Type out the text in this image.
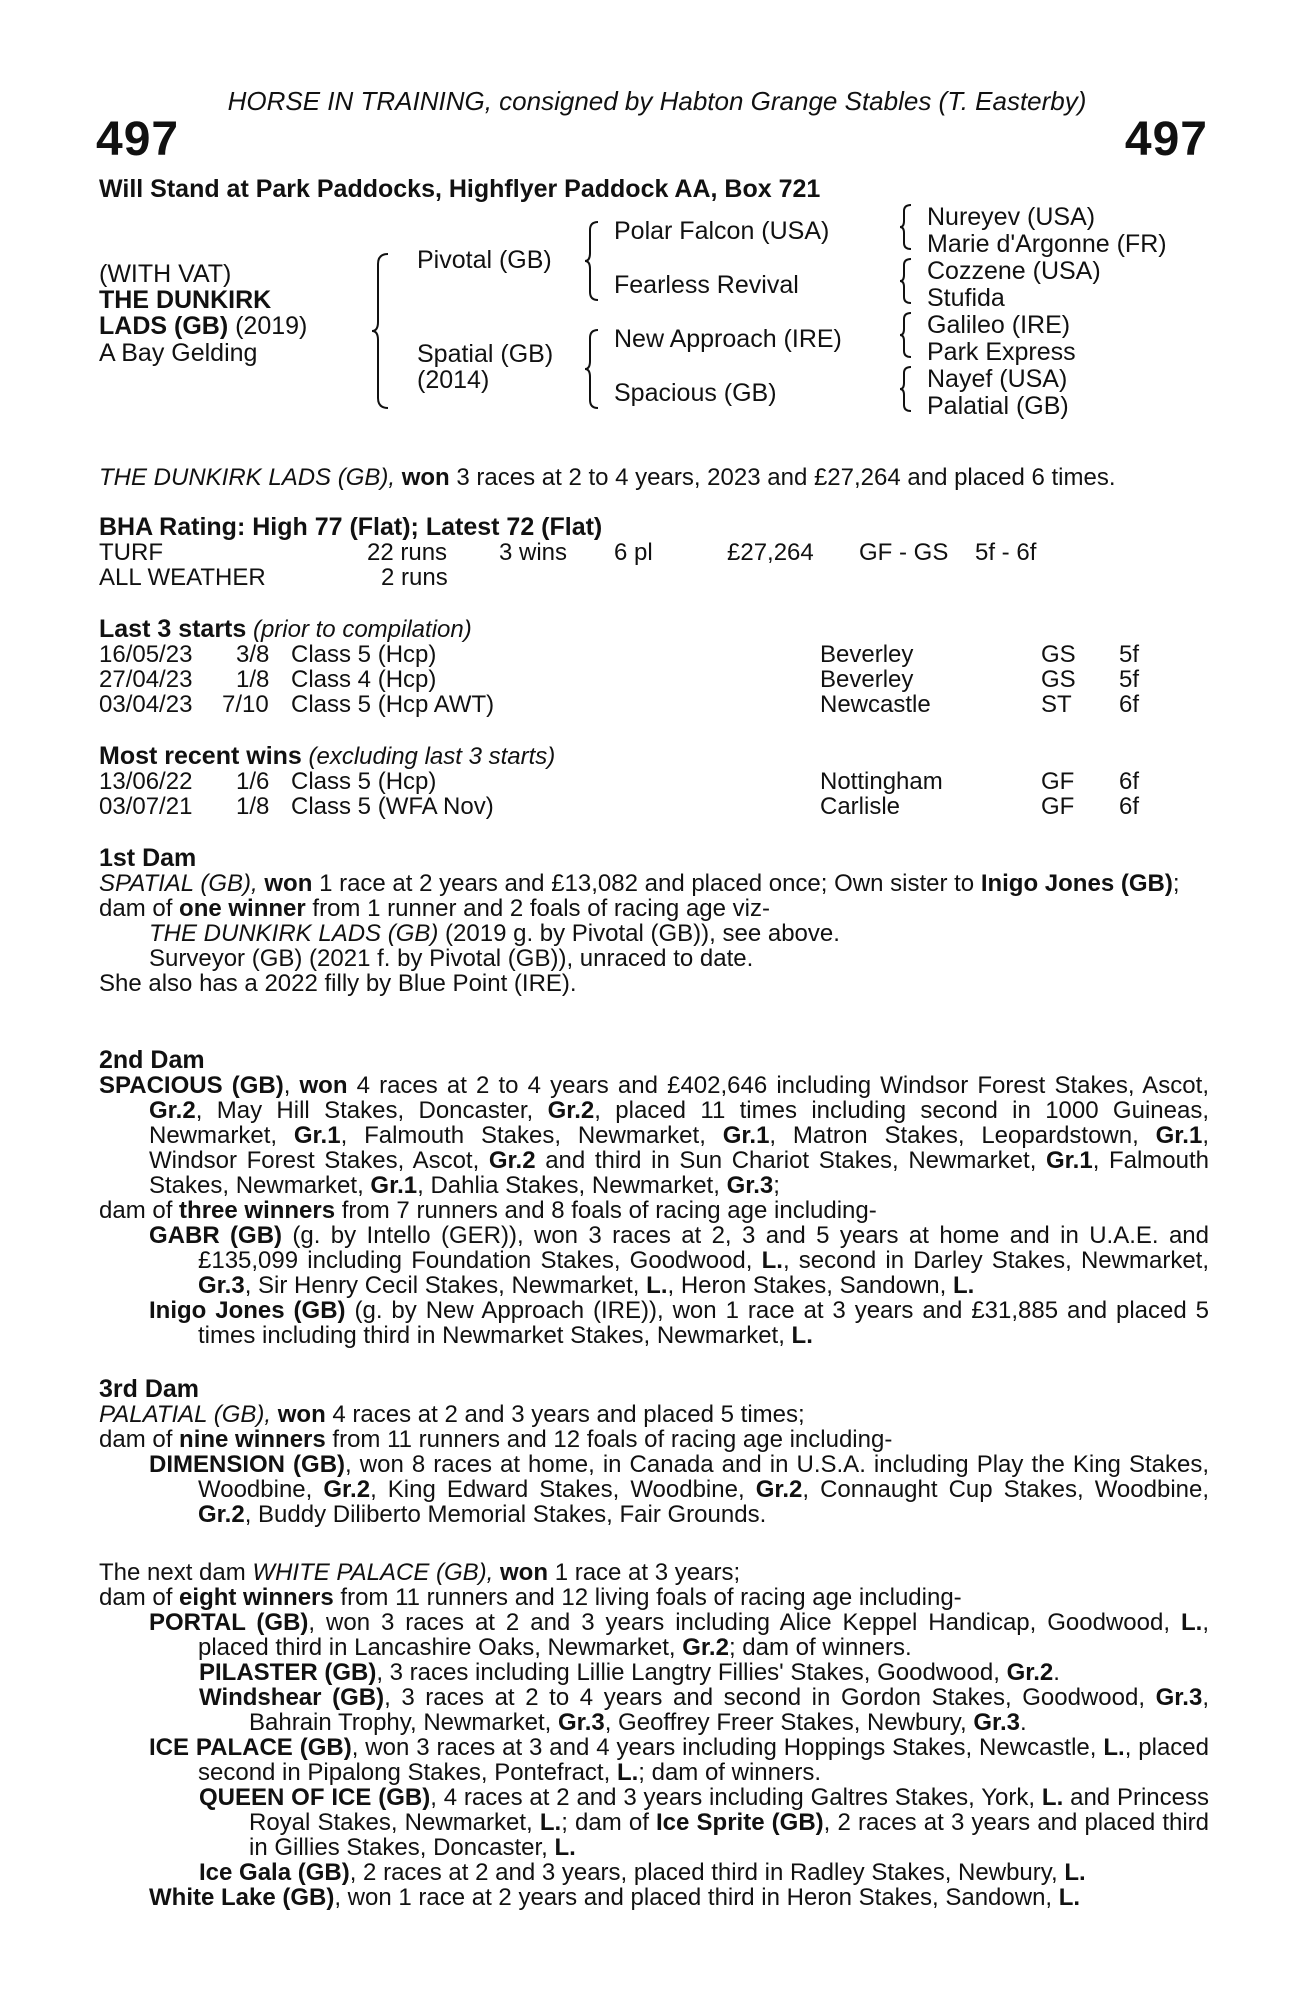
HORSE IN TRAINING, consigned by Habton Grange Stables (T. Easterby)
497	497
Will Stand at Park Paddocks, Highflyer Paddock AA, Box 721
(WITH VAT)
THE DUNKIRK
LADS (GB) (2019)
A Bay Gelding
Pivotal (GB)
Spatial (GB)
(2014)
Polar Falcon (USA)
Fearless Revival
New Approach (IRE)
Spacious (GB)
Nureyev (USA)
Marie d'Argonne (FR)
Cozzene (USA)
Stufida
Galileo (IRE)
Park Express
Nayef (USA)
Palatial (GB)
THE DUNKIRK LADS (GB), won 3 races at 2 to 4 years, 2023 and £27,264 and placed 6 times.
BHA Rating: High 77 (Flat); Latest 72 (Flat)
TURF	22 runs 3 wins 6 pl	£27,264 GF - GS 5f - 6f
ALL WEATHER	2 runs
Last 3 starts (prior to compilation)
16/05/23 3/8 Class 5 (Hcp)	Beverley	GS 5f
27/04/23 1/8 Class 4 (Hcp)	Beverley	GS 5f
03/04/23 7/10 Class 5 (Hcp AWT)	Newcastle	ST 6f
Most recent wins (excluding last 3 starts)
13/06/22 1/6 Class 5 (Hcp)	Nottingham	GF 6f
03/07/21 1/8 Class 5 (WFA Nov)	Carlisle	GF 6f
1st Dam

SPATIAL (GB), won 1 race at 2 years and £13,082 and placed once; Own sister to Inigo Jones (GB);

dam of one winner from 1 runner and 2 foals of racing age viz-

THE DUNKIRK LADS (GB) (2019 g. by Pivotal (GB)), see above.

Surveyor (GB) (2021 f. by Pivotal (GB)), unraced to date.

She also has a 2022 filly by Blue Point (IRE).

2nd Dam

SPACIOUS (GB), won 4 races at 2 to 4 years and £402,646 including Windsor Forest Stakes, Ascot, Gr.2, May Hill Stakes, Doncaster, Gr.2, placed 11 times including second in 1000 Guineas, Newmarket, Gr.1, Falmouth Stakes, Newmarket, Gr.1, Matron Stakes, Leopardstown, Gr.1, Windsor Forest Stakes, Ascot, Gr.2 and third in Sun Chariot Stakes, Newmarket, Gr.1, Falmouth Stakes, Newmarket, Gr.1, Dahlia Stakes, Newmarket, Gr.3;

dam of three winners from 7 runners and 8 foals of racing age including-

GABR (GB) (g. by Intello (GER)), won 3 races at 2, 3 and 5 years at home and in U.A.E. and £135,099 including Foundation Stakes, Goodwood, L., second in Darley Stakes, Newmarket, Gr.3, Sir Henry Cecil Stakes, Newmarket, L., Heron Stakes, Sandown, L.

Inigo Jones (GB) (g. by New Approach (IRE)), won 1 race at 3 years and £31,885 and placed 5 times including third in Newmarket Stakes, Newmarket, L.

3rd Dam

PALATIAL (GB), won 4 races at 2 and 3 years and placed 5 times;

dam of nine winners from 11 runners and 12 foals of racing age including-

DIMENSION (GB), won 8 races at home, in Canada and in U.S.A. including Play the King Stakes, Woodbine, Gr.2, King Edward Stakes, Woodbine, Gr.2, Connaught Cup Stakes, Woodbine, Gr.2, Buddy Diliberto Memorial Stakes, Fair Grounds.

The next dam WHITE PALACE (GB), won 1 race at 3 years;

dam of eight winners from 11 runners and 12 living foals of racing age including-

PORTAL (GB), won 3 races at 2 and 3 years including Alice Keppel Handicap, Goodwood, L., placed third in Lancashire Oaks, Newmarket, Gr.2; dam of winners.

PILASTER (GB), 3 races including Lillie Langtry Fillies' Stakes, Goodwood, Gr.2.

Windshear (GB), 3 races at 2 to 4 years and second in Gordon Stakes, Goodwood, Gr.3, Bahrain Trophy, Newmarket, Gr.3, Geoffrey Freer Stakes, Newbury, Gr.3.

ICE PALACE (GB), won 3 races at 3 and 4 years including Hoppings Stakes, Newcastle, L., placed second in Pipalong Stakes, Pontefract, L.; dam of winners.

QUEEN OF ICE (GB), 4 races at 2 and 3 years including Galtres Stakes, York, L. and Princess Royal Stakes, Newmarket, L.; dam of Ice Sprite (GB), 2 races at 3 years and placed third in Gillies Stakes, Doncaster, L.

Ice Gala (GB), 2 races at 2 and 3 years, placed third in Radley Stakes, Newbury, L.

White Lake (GB), won 1 race at 2 years and placed third in Heron Stakes, Sandown, L.
